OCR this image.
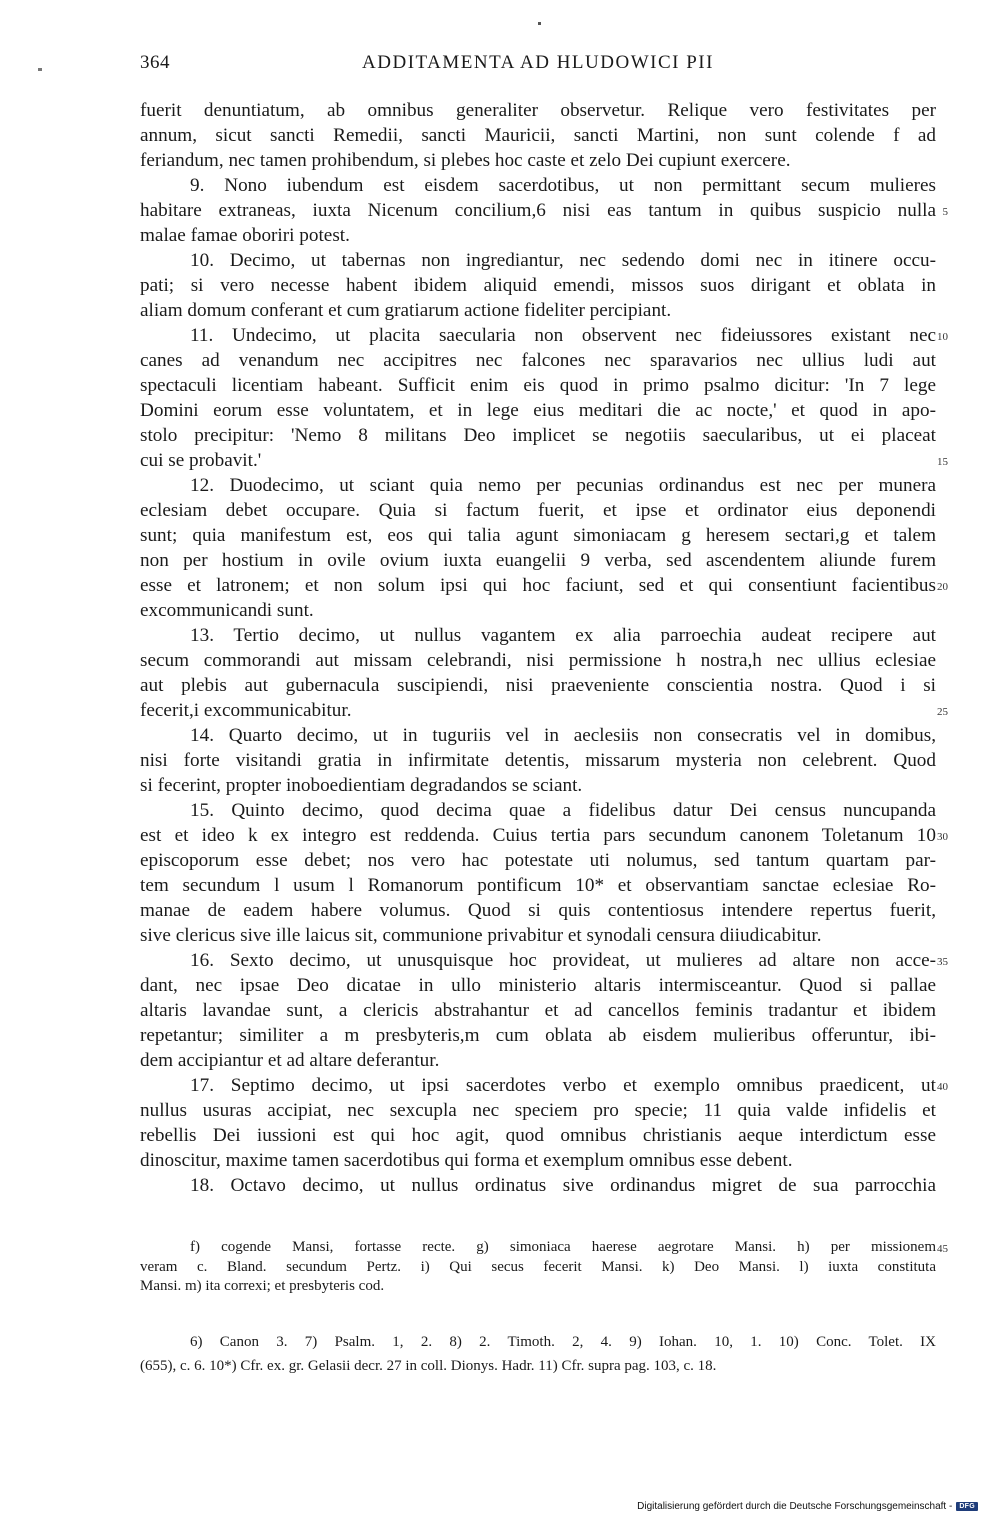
364	ADDITAMENTA AD HLUDOWICI PII
fuerit denuntiatum, ab omnibus generaliter observetur. Relique vero festivitates per
annum, sicut sancti Remedii, sancti Mauricii, sancti Martini, non sunt colende f ad
feriandum, nec tamen prohibendum, si plebes hoc caste et zelo Dei cupiunt exercere.
9. Nono iubendum est eisdem sacerdotibus, ut non permittant secum mulieres
habitare extraneas, iuxta Nicenum concilium,6 nisi eas tantum in quibus suspicio nulla 5
malae famae oboriri potest.
10. Decimo, ut tabernas non ingrediantur, nec sedendo domi nec in itinere occu-
pati; si vero necesse habent ibidem aliquid emendi, missos suos dirigant et oblata in
aliam domum conferant et cum gratiarum actione fideliter percipiant.
11. Undecimo, ut placita saecularia non observent nec fideiussores existant nec 10
canes ad venandum nec accipitres nec falcones nec sparavarios nec ullius ludi aut
spectaculi licentiam habeant. Sufficit enim eis quod in primo psalmo dicitur: 'In 7 lege
Domini eorum esse voluntatem, et in lege eius meditari die ac nocte,' et quod in apo-
stolo precipitur: 'Nemo 8 militans Deo implicet se negotiis saecularibus, ut ei placeat
cui se probavit.'	15
12. Duodecimo, ut sciant quia nemo per pecunias ordinandus est nec per munera
eclesiam debet occupare. Quia si factum fuerit, et ipse et ordinator eius deponendi
sunt; quia manifestum est, eos qui talia agunt simoniacam g heresem sectari,g et talem
non per hostium in ovile ovium iuxta euangelii 9 verba, sed ascendentem aliunde furem
esse et latronem; et non solum ipsi qui hoc faciunt, sed et qui consentiunt facientibus 20
excommunicandi sunt.
13. Tertio decimo, ut nullus vagantem ex alia parroechia audeat recipere aut
secum commorandi aut missam celebrandi, nisi permissione h nostra,h nec ullius eclesiae
aut plebis aut gubernacula suscipiendi, nisi praeveniente conscientia nostra. Quod i si
fecerit,i excommunicabitur.	25
14. Quarto decimo, ut in tuguriis vel in aeclesiis non consecratis vel in domibus,
nisi forte visitandi gratia in infirmitate detentis, missarum mysteria non celebrent. Quod
si fecerint, propter inoboedientiam degradandos se sciant.
15. Quinto decimo, quod decima quae a fidelibus datur Dei census nuncupanda
est et ideo k ex integro est reddenda. Cuius tertia pars secundum canonem Toletanum 10 30
episcoporum esse debet; nos vero hac potestate uti nolumus, sed tantum quartam par-
tem secundum l usum l Romanorum pontificum 10* et observantiam sanctae eclesiae Ro-
manae de eadem habere volumus. Quod si quis contentiosus intendere repertus fuerit,
sive clericus sive ille laicus sit, communione privabitur et synodali censura diiudicabitur.
16. Sexto decimo, ut unusquisque hoc provideat, ut mulieres ad altare non acce- 35
dant, nec ipsae Deo dicatae in ullo ministerio altaris intermisceantur. Quod si pallae
altaris lavandae sunt, a clericis abstrahantur et ad cancellos feminis tradantur et ibidem
repetantur; similiter a m presbyteris,m cum oblata ab eisdem mulieribus offeruntur, ibi-
dem accipiantur et ad altare deferantur.
17. Septimo decimo, ut ipsi sacerdotes verbo et exemplo omnibus praedicent, ut 40
nullus usuras accipiat, nec sexcupla nec speciem pro specie; 11 quia valde infidelis et
rebellis Dei iussioni est qui hoc agit, quod omnibus christianis aeque interdictum esse
dinoscitur, maxime tamen sacerdotibus qui forma et exemplum omnibus esse debent.
18. Octavo decimo, ut nullus ordinatus sive ordinandus migret de sua parrocchia
f) cogende Mansi, fortasse recte. g) simoniaca haerese aegrotare Mansi. h) per missionem 45
veram c. Bland. secundum Pertz. i) Qui secus fecerit Mansi. k) Deo Mansi. l) iuxta constituta
Mansi. m) ita correxi; et presbyteris cod.
6) Canon 3. 7) Psalm. 1, 2. 8) 2. Timoth. 2, 4. 9) Iohan. 10, 1. 10) Conc. Tolet. IX
(655), c. 6. 10*) Cfr. ex. gr. Gelasii decr. 27 in coll. Dionys. Hadr. 11) Cfr. supra pag. 103, c. 18.
Digitalisierung gefördert durch die Deutsche Forschungsgemeinschaft -	DFG
